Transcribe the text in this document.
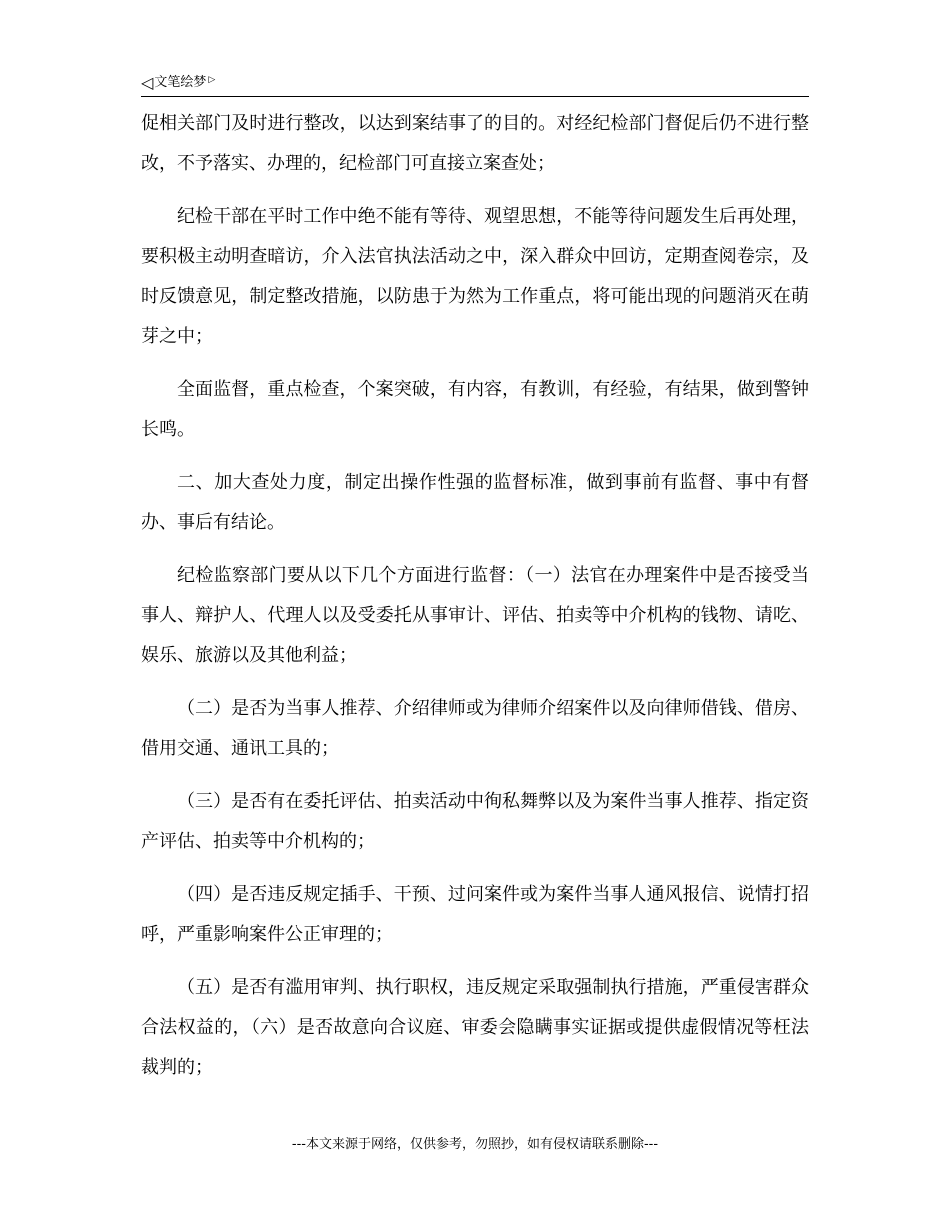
◁ 文笔绘梦 ▷

促相关部门及时进行整改，以达到案结事了的目的。对经纪检部门督促后仍不进行整改，不予落实、办理的，纪检部门可直接立案查处；

纪检干部在平时工作中绝不能有等待、观望思想，不能等待问题发生后再处理，要积极主动明查暗访，介入法官执法活动之中，深入群众中回访，定期查阅卷宗，及时反馈意见，制定整改措施，以防患于为然为工作重点，将可能出现的问题消灭在萌芽之中；

全面监督，重点检查，个案突破，有内容，有教训，有经验，有结果，做到警钟长鸣。

二、加大查处力度，制定出操作性强的监督标准，做到事前有监督、事中有督办、事后有结论。

纪检监察部门要从以下几个方面进行监督：（一）法官在办理案件中是否接受当事人、辩护人、代理人以及受委托从事审计、评估、拍卖等中介机构的钱物、请吃、娱乐、旅游以及其他利益；

（二）是否为当事人推荐、介绍律师或为律师介绍案件以及向律师借钱、借房、借用交通、通讯工具的；

（三）是否有在委托评估、拍卖活动中徇私舞弊以及为案件当事人推荐、指定资产评估、拍卖等中介机构的；

（四）是否违反规定插手、干预、过问案件或为案件当事人通风报信、说情打招呼，严重影响案件公正审理的；

（五）是否有滥用审判、执行职权，违反规定采取强制执行措施，严重侵害群众合法权益的，（六）是否故意向合议庭、审委会隐瞒事实证据或提供虚假情况等枉法裁判的；

---本文来源于网络，仅供参考，勿照抄，如有侵权请联系删除---
